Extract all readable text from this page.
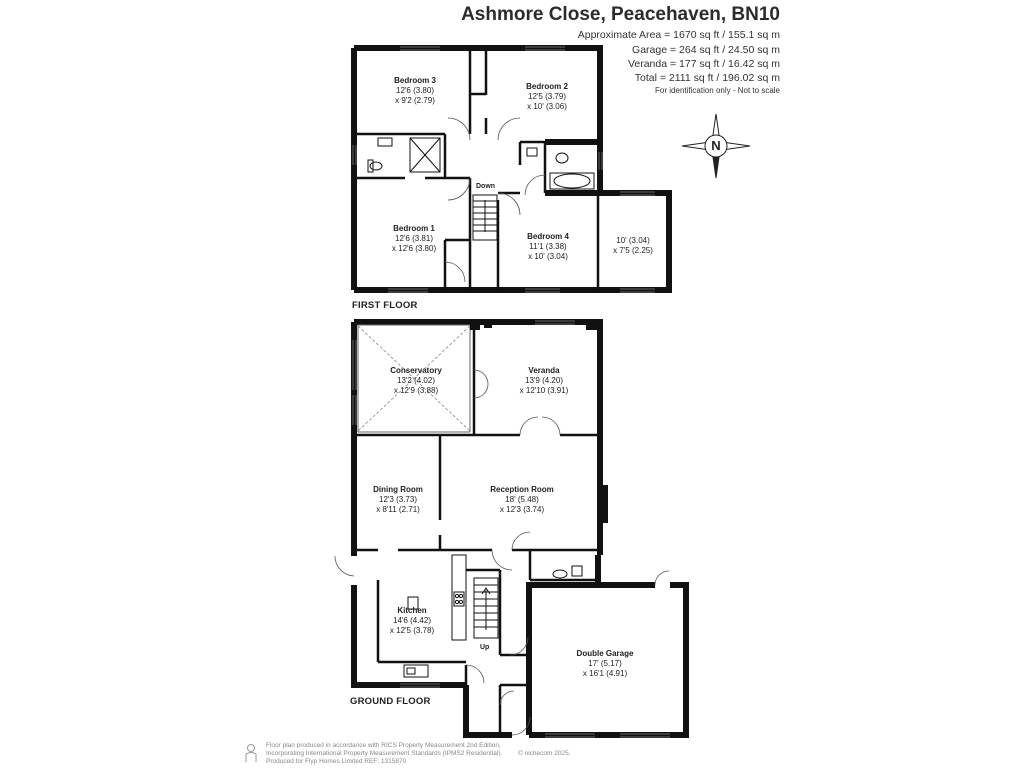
Ashmore Close, Peacehaven, BN10
Approximate Area = 1670 sq ft / 155.1 sq m
Garage = 264 sq ft / 24.50 sq m
Veranda = 177 sq ft / 16.42 sq m
Total = 2111 sq ft / 196.02 sq m
For identification only - Not to scale
N
FIRST FLOOR
GROUND FLOOR
Down
Up
Bedroom 3
12'6 (3.80)
x 9'2 (2.79)
Bedroom 2
12'5 (3.79)
x 10' (3.06)
Bedroom 1
12'6 (3.81)
x 12'6 (3.80)
Bedroom 4
11'1 (3.38)
x 10' (3.04)
10' (3.04)
x 7'5 (2.25)
Conservatory
13'2 (4.02)
x 12'9 (3.88)
Veranda
13'9 (4.20)
x 12'10 (3.91)
Dining Room
12'3 (3.73)
x 8'11 (2.71)
Reception Room
18' (5.48)
x 12'3 (3.74)
Kitchen
14'6 (4.42)
x 12'5 (3.78)
Double Garage
17' (5.17)
x 16'1 (4.91)
Floor plan produced in accordance with RICS Property Measurement 2nd Edition,
Incorporating International Property Measurement Standards (IPMS2 Residential).
Produced for Flyp Homes Limited REF: 1315870
© nichecom 2025.
